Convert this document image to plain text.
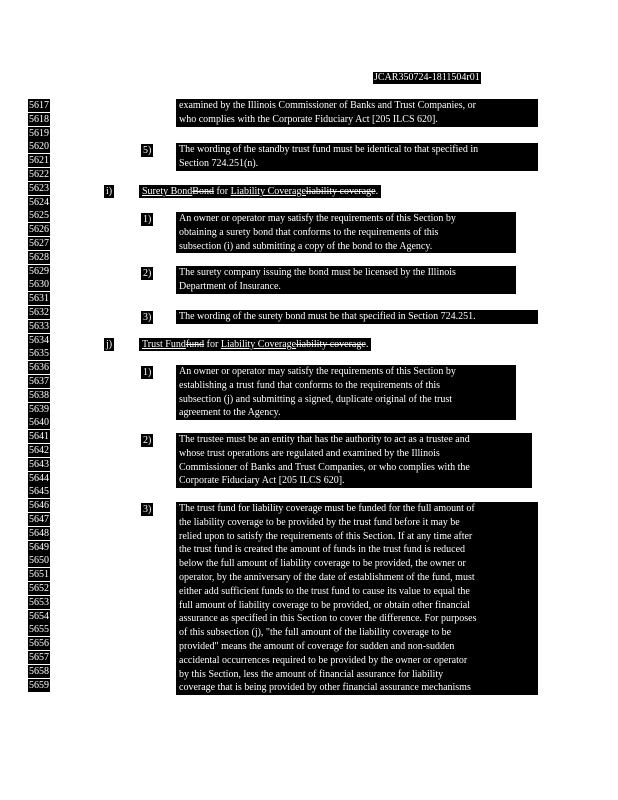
JCAR350724-1811504r01
5617
5618
5619
5620
5621
5622
5623
5624
5625
5626
5627
5628
5629
5630
5631
5632
5633
5634
5635
5636
5637
5638
5639
5640
5641
5642
5643
5644
5645
5646
5647
5648
5649
5650
5651
5652
5653
5654
5655
5656
5657
5658
5659
examined by the Illinois Commissioner of Banks and Trust Companies, or
who complies with the Corporate Fiduciary Act [205 ILCS 620].
5)	The wording of the standby trust fund must be identical to that specified in
Section 724.251(n).
i)	Surety BondBond for Liability Coverageliability coverage.
1)	An owner or operator may satisfy the requirements of this Section by
obtaining a surety bond that conforms to the requirements of this
subsection (i) and submitting a copy of the bond to the Agency.
2)	The surety company issuing the bond must be licensed by the Illinois
Department of Insurance.
3)	The wording of the surety bond must be that specified in Section 724.251.
j)	Trust Fundfund for Liability Coverageliability coverage.
1)	An owner or operator may satisfy the requirements of this Section by
establishing a trust fund that conforms to the requirements of this
subsection (j) and submitting a signed, duplicate original of the trust
agreement to the Agency.
2)	The trustee must be an entity that has the authority to act as a trustee and
whose trust operations are regulated and examined by the Illinois
Commissioner of Banks and Trust Companies, or who complies with the
Corporate Fiduciary Act [205 ILCS 620].
3)	The trust fund for liability coverage must be funded for the full amount of
the liability coverage to be provided by the trust fund before it may be
relied upon to satisfy the requirements of this Section. If at any time after
the trust fund is created the amount of funds in the trust fund is reduced
below the full amount of liability coverage to be provided, the owner or
operator, by the anniversary of the date of establishment of the fund, must
either add sufficient funds to the trust fund to cause its value to equal the
full amount of liability coverage to be provided, or obtain other financial
assurance as specified in this Section to cover the difference. For purposes
of this subsection (j), "the full amount of the liability coverage to be
provided" means the amount of coverage for sudden and non-sudden
accidental occurrences required to be provided by the owner or operator
by this Section, less the amount of financial assurance for liability
coverage that is being provided by other financial assurance mechanisms
